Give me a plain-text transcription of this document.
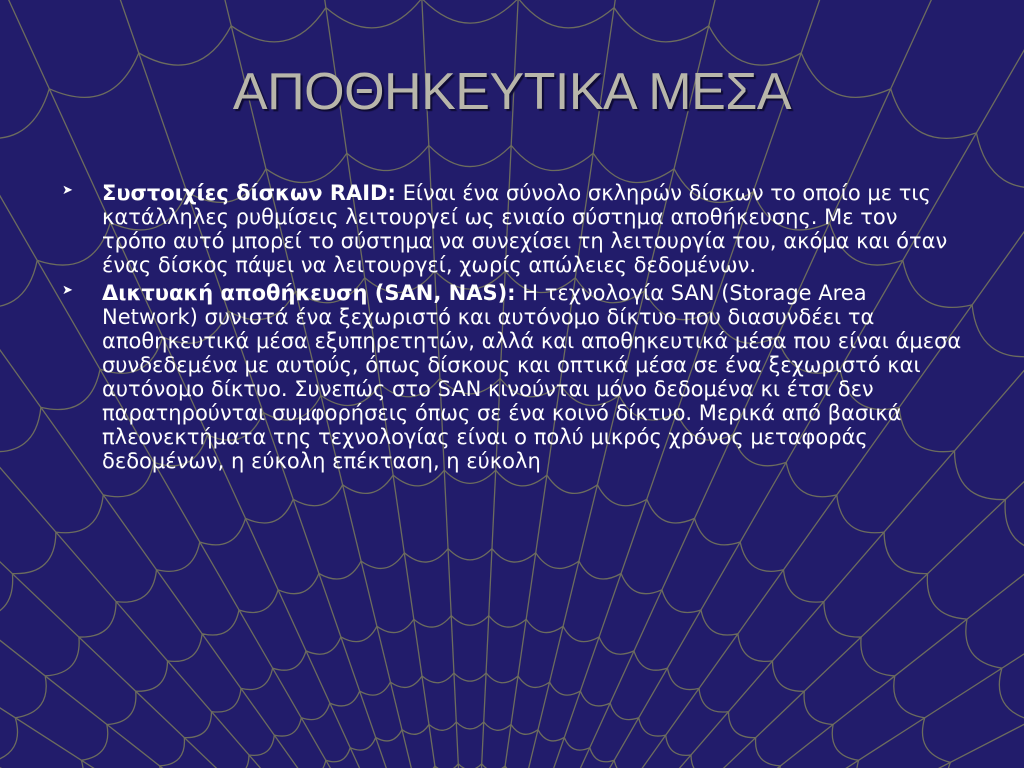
ΑΠΟΘΗΚΕΥΤΙΚΑ ΜΕΣΑ
➤ Συστοιχίες δίσκων RAID: Είναι ένα σύνολο σκληρών δίσκων το οποίο με τις κατάλληλες ρυθμίσεις λειτουργεί ως ενιαίο σύστημα αποθήκευσης. Με τον τρόπο αυτό μπορεί το σύστημα να συνεχίσει τη λειτουργία του, ακόμα και όταν ένας δίσκος πάψει να λειτουργεί, χωρίς απώλειες δεδομένων.
➤ Δικτυακή αποθήκευση (SAN, NAS): Η τεχνολογία SAN (Storage Area Network) συνιστά ένα ξεχωριστό και αυτόνομο δίκτυο που διασυνδέει τα αποθηκευτικά μέσα εξυπηρετητών, αλλά και αποθηκευτικά μέσα που είναι άμεσα συνδεδεμένα με αυτούς, όπως δίσκους και οπτικά μέσα σε ένα ξεχωριστό και αυτόνομο δίκτυο. Συνεπώς στο SAN κινούνται μόνο δεδομένα κι έτσι δεν παρατηρούνται συμφορήσεις όπως σε ένα κοινό δίκτυο. Μερικά από βασικά πλεονεκτήματα της τεχνολογίας είναι ο πολύ μικρός χρόνος μεταφοράς δεδομένων, η εύκολη επέκταση, η εύκολη
